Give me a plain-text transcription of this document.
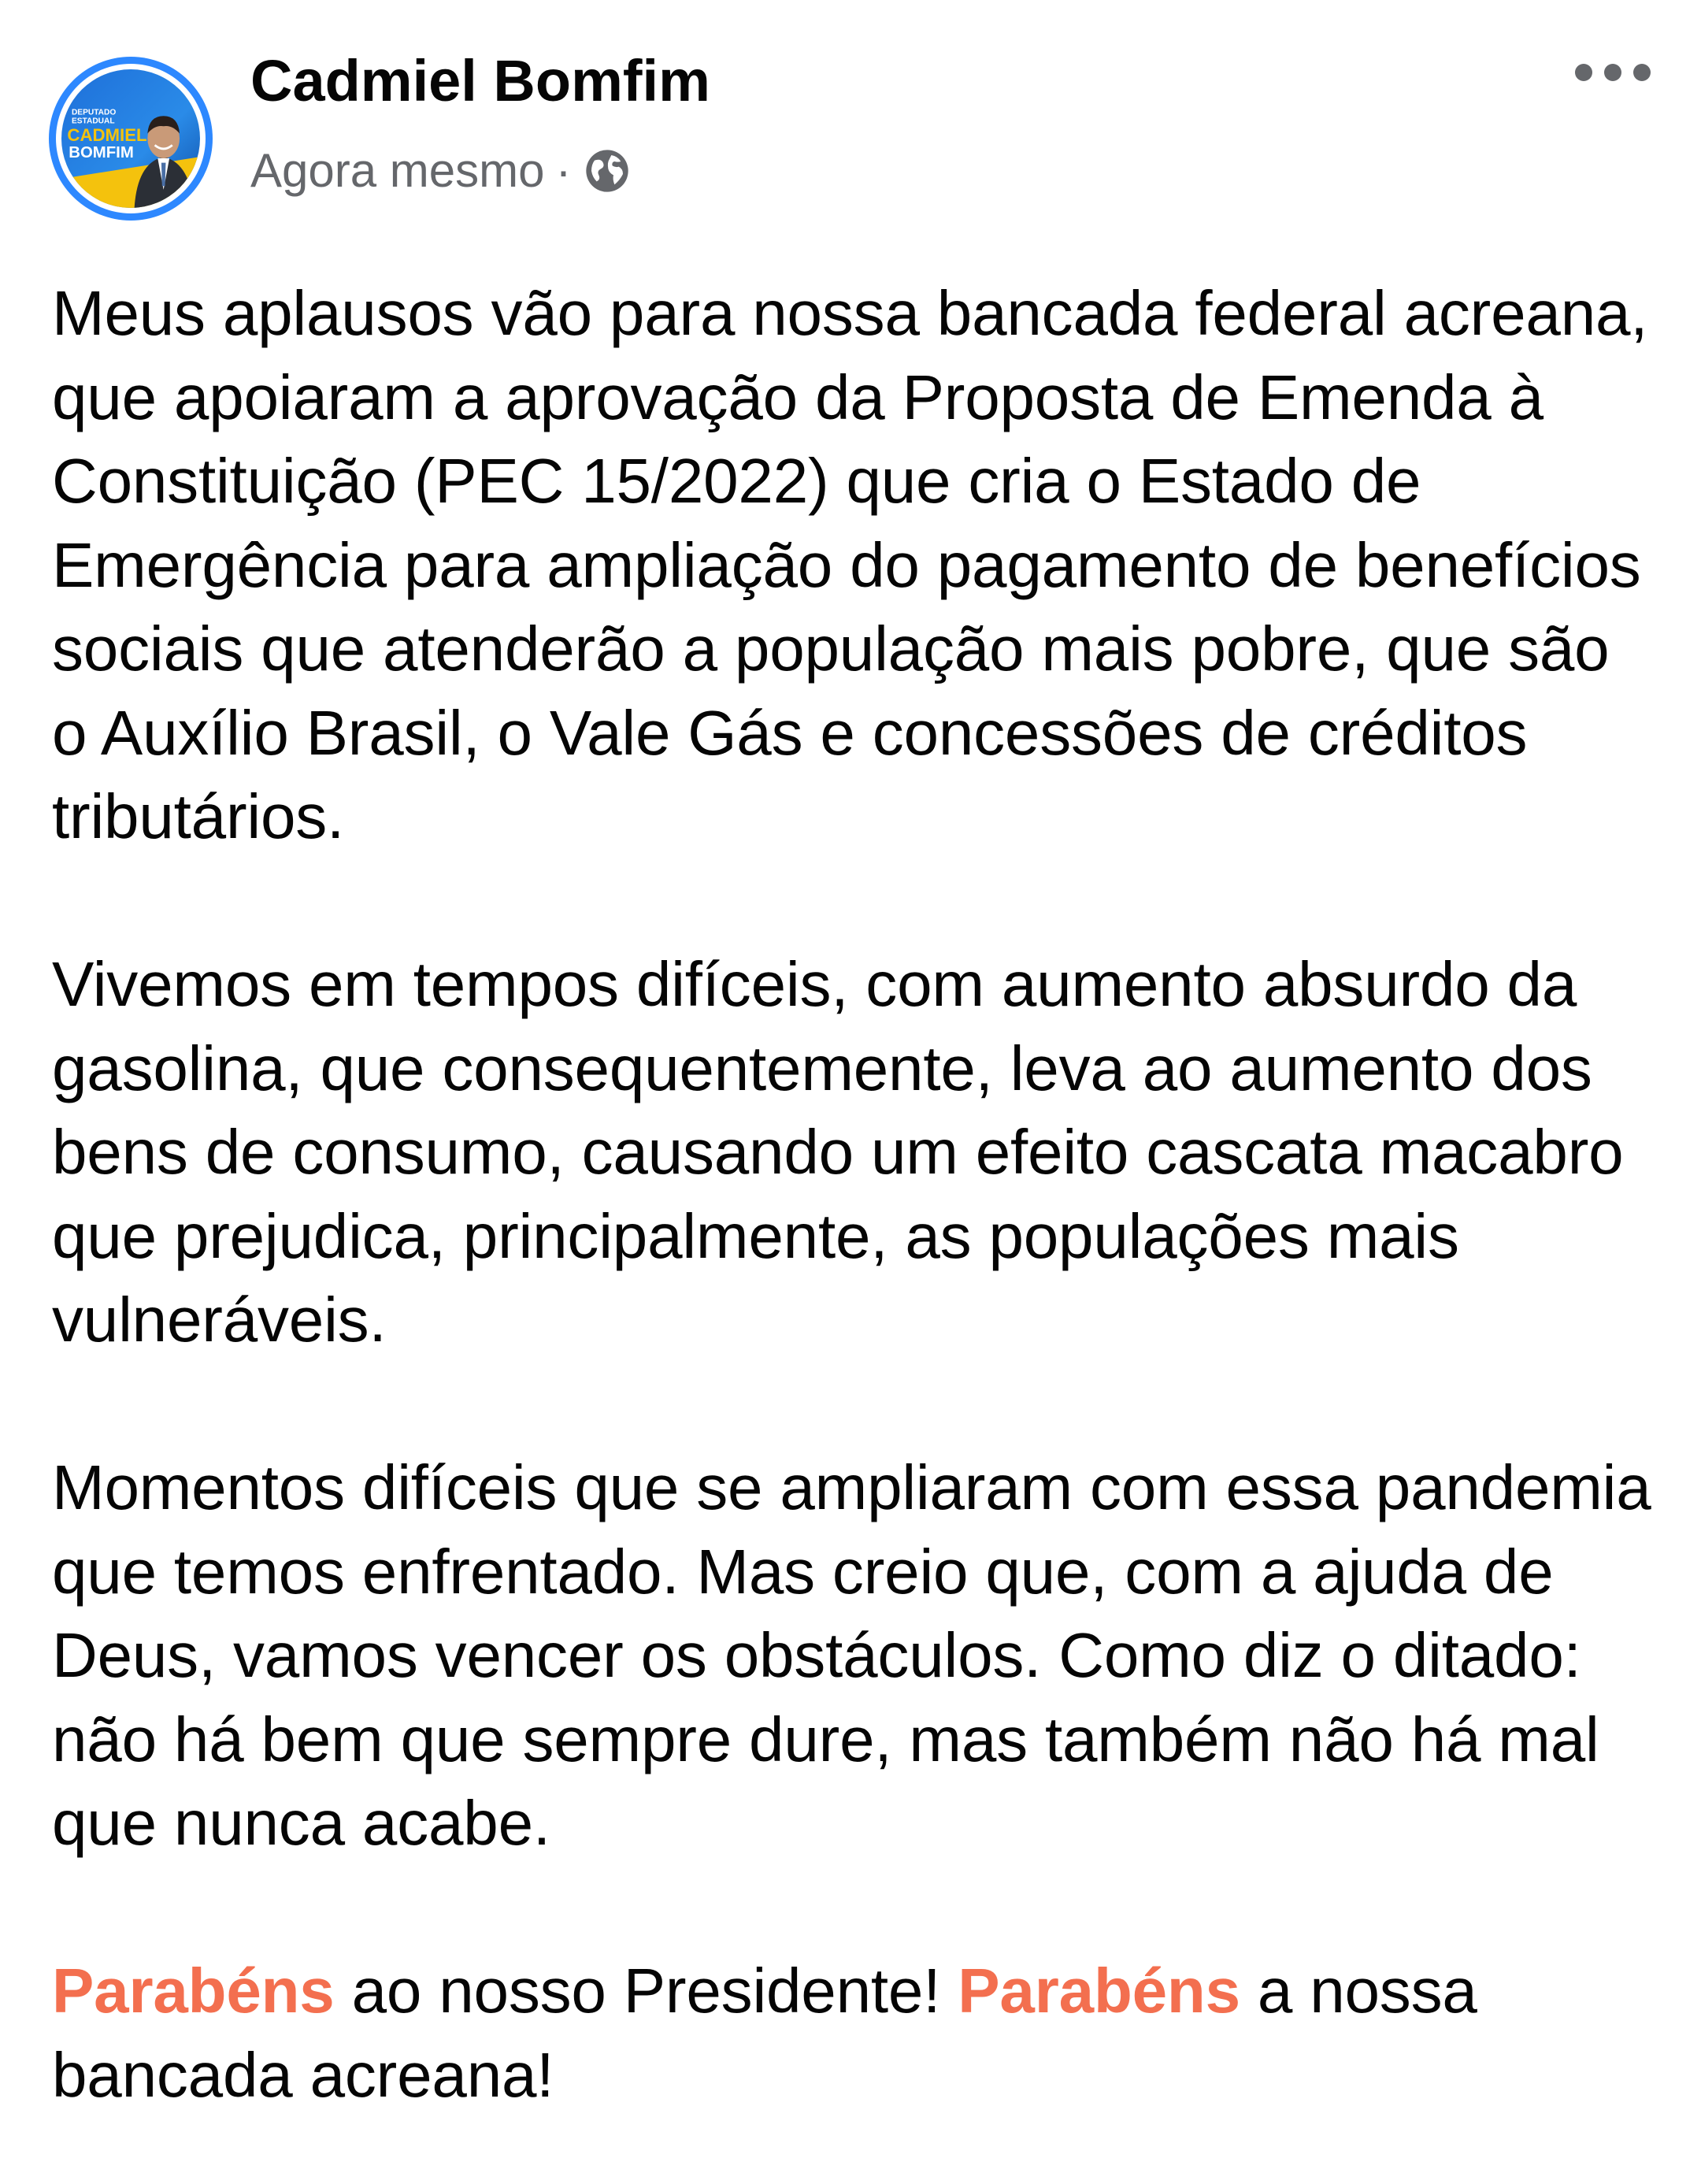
DEPUTADO
ESTADUAL
CADMIEL
BOMFIM
Cadmiel Bomfim
Agora mesmo ·

Meus aplausos vão para nossa bancada federal acreana, que apoiaram a aprovação da Proposta de Emenda à Constituição (PEC 15/2022) que cria o Estado de Emergência para ampliação do pagamento de benefícios sociais que atenderão a população mais pobre, que são o Auxílio Brasil, o Vale Gás e concessões de créditos tributários.

Vivemos em tempos difíceis, com aumento absurdo da gasolina, que consequentemente, leva ao aumento dos bens de consumo, causando um efeito cascata macabro que prejudica, principalmente, as populações mais vulneráveis.

Momentos difíceis que se ampliaram com essa pandemia que temos enfrentado. Mas creio que, com a ajuda de Deus, vamos vencer os obstáculos. Como diz o ditado: não há bem que sempre dure, mas também não há mal que nunca acabe.

Parabéns ao nosso Presidente! Parabéns a nossa bancada acreana!
